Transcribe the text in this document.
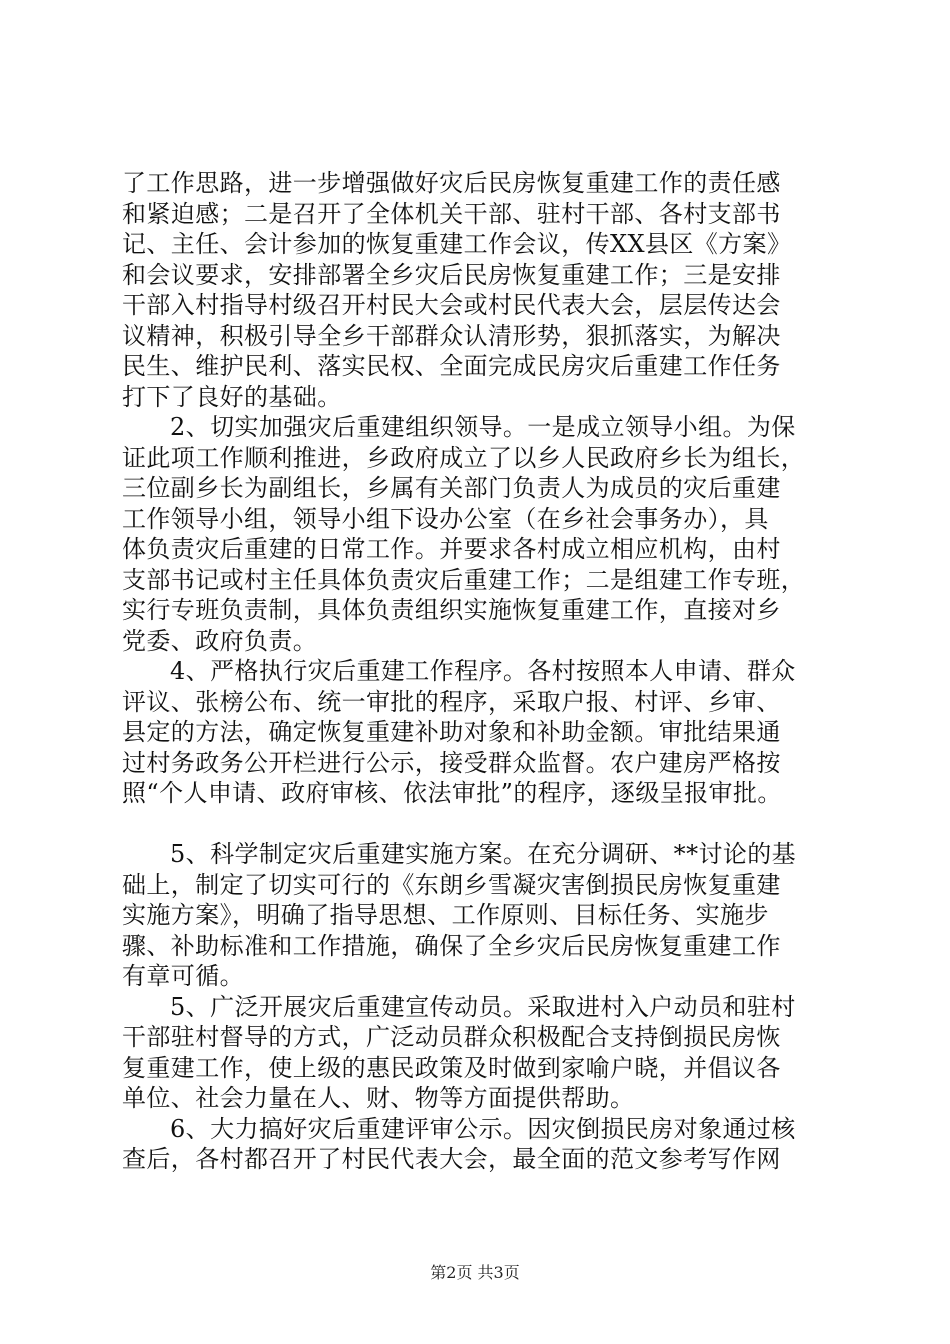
了工作思路，进一步增强做好灾后民房恢复重建工作的责任感
和紧迫感；二是召开了全体机关干部、驻村干部、各村支部书
记、主任、会计参加的恢复重建工作会议，传XX县区《方案》
和会议要求，安排部署全乡灾后民房恢复重建工作；三是安排
干部入村指导村级召开村民大会或村民代表大会，层层传达会
议精神，积极引导全乡干部群众认清形势，狠抓落实，为解决
民生、维护民利、落实民权、全面完成民房灾后重建工作任务
打下了良好的基础。
2、切实加强灾后重建组织领导。一是成立领导小组。为保
证此项工作顺利推进，乡政府成立了以乡人民政府乡长为组长，
三位副乡长为副组长，乡属有关部门负责人为成员的灾后重建
工作领导小组，领导小组下设办公室（在乡社会事务办），具
体负责灾后重建的日常工作。并要求各村成立相应机构，由村
支部书记或村主任具体负责灾后重建工作；二是组建工作专班，
实行专班负责制，具体负责组织实施恢复重建工作，直接对乡
党委、政府负责。
4、严格执行灾后重建工作程序。各村按照本人申请、群众
评议、张榜公布、统一审批的程序，采取户报、村评、乡审、
县定的方法，确定恢复重建补助对象和补助金额。审批结果通
过村务政务公开栏进行公示，接受群众监督。农户建房严格按
照“个人申请、政府审核、依法审批”的程序，逐级呈报审批。
5、科学制定灾后重建实施方案。在充分调研、**讨论的基
础上，制定了切实可行的《东朗乡雪凝灾害倒损民房恢复重建
实施方案》，明确了指导思想、工作原则、目标任务、实施步
骤、补助标准和工作措施，确保了全乡灾后民房恢复重建工作
有章可循。
5、广泛开展灾后重建宣传动员。采取进村入户动员和驻村
干部驻村督导的方式，广泛动员群众积极配合支持倒损民房恢
复重建工作，使上级的惠民政策及时做到家喻户晓，并倡议各
单位、社会力量在人、财、物等方面提供帮助。
6、大力搞好灾后重建评审公示。因灾倒损民房对象通过核
查后，各村都召开了村民代表大会，最全面的范文参考写作网
第2页 共3页
